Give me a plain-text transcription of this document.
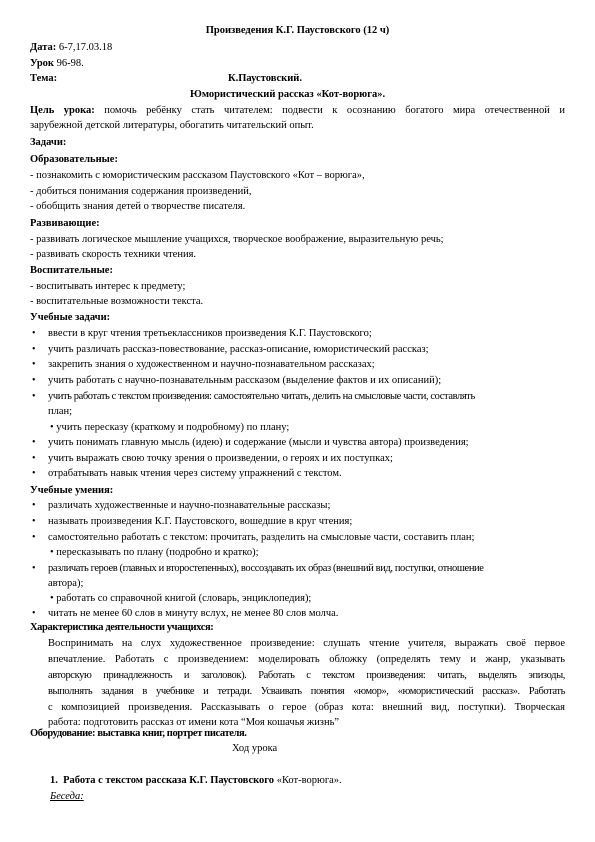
Произведения К.Г. Паустовского (12 ч)
Дата: 6-7,17.03.18
Урок 96-98.
Тема:	К.Паустовский.
Юмористический рассказ «Кот-ворюга».
Цель урока: помочь ребёнку стать читателем: подвести к осознанию богатого мира отечественной и
зарубежной детской литературы, обогатить читательский опыт.
Задачи:
Образовательные:
- познакомить с юмористическим рассказом Паустовского «Кот – ворюга»,
- добиться понимания содержания произведений,
- обобщить знания детей о творчестве писателя.
Развивающие:
- развивать логическое мышление учащихся, творческое воображение, выразительную речь;
- развивать скорость техники чтения.
Воспитательные:
- воспитывать интерес к предмету;
- воспитательные возможности текста.
Учебные задачи:
• ввести в круг чтения третьеклассников произведения К.Г. Паустовского;
• учить различать рассказ-повествование, рассказ-описание, юмористический рассказ;
• закрепить знания о художественном и научно-познавательном рассказах;
• учить работать с научно-познавательным рассказом (выделение фактов и их описаний);
• учить работать с текстом произведения: самостоятельно читать, делить на смысловые части, составлять
план;
• учить пересказу (краткому и подробному) по плану;
• учить понимать главную мысль (идею) и содержание (мысли и чувства автора) произведения;
• учить выражать свою точку зрения о произведении, о героях и их поступках;
• отрабатывать навык чтения через систему упражнений с текстом.
Учебные умения:
• различать художественные и научно-познавательные рассказы;
• называть произведения К.Г. Паустовского, вошедшие в круг чтения;
• самостоятельно работать с текстом: прочитать, разделить на смысловые части, составить план;
• пересказывать по плану (подробно и кратко);
• различать героев (главных и второстепенных), воссоздавать их образ (внешний вид, поступки, отношение
автора);
• работать со справочной книгой (словарь, энциклопедия);
• читать не менее 60 слов в минуту вслух, не менее 80 слов молча.
Характеристика деятельности учащихся:
Воспринимать на слух художественное произведение: слушать чтение учителя, выражать своё первое
впечатление. Работать с произведением: моделировать обложку (определять тему и жанр, указывать
авторскую принадлежность и заголовок). Работать с текстом произведения: читать, выделять эпизоды,
выполнять задания в учебнике и тетради. Усваивать понятия «юмор», «юмористический рассказ». Работать
с композицией произведения. Рассказывать о герое (образ кота: внешний вид, поступки). Творческая
работа: подготовить рассказ от имени кота “Моя кошачья жизнь”
Оборудование: выставка книг, портрет писателя.
Ход урока
1. Работа с текстом рассказа К.Г. Паустовского «Кот-ворюга».
Беседа:
